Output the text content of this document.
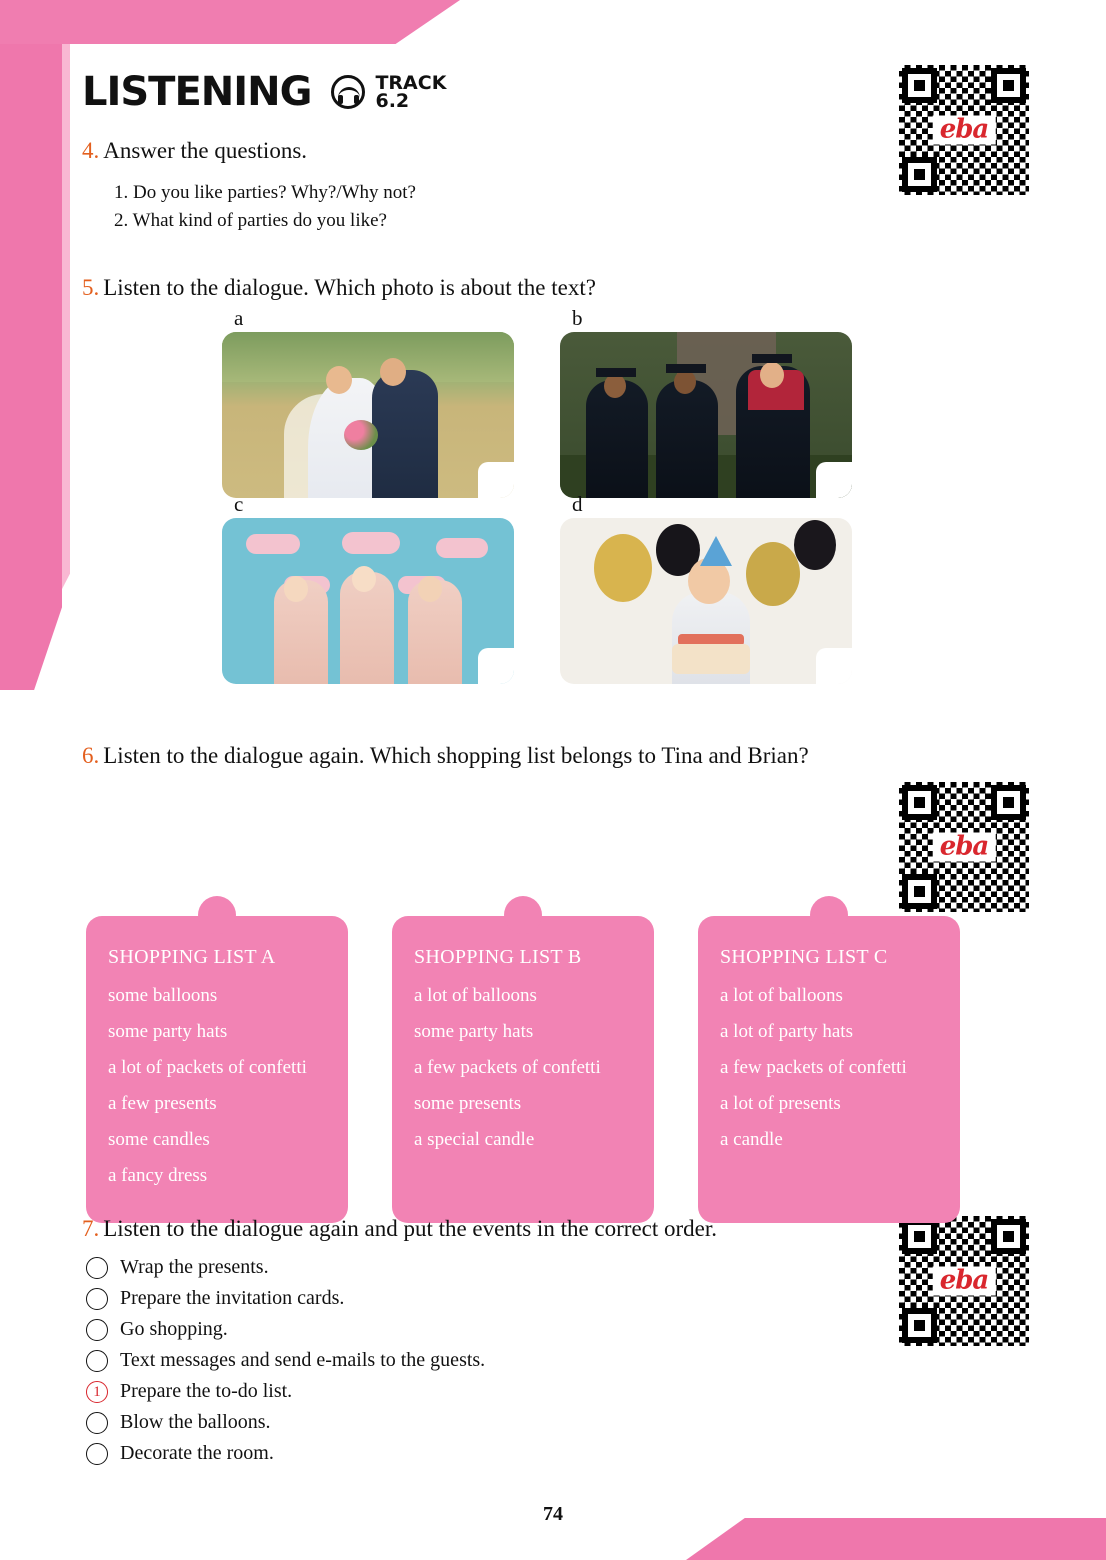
LISTENING	TRACK
6.2
eba
eba
eba
4. Answer the questions.

1. Do you like parties? Why?/Why not?

2. What kind of parties do you like?

5. Listen to the dialogue. Which photo is about the text?
a	b
c	d
6. Listen to the dialogue again. Which shopping list belongs to Tina and Brian?
SHOPPING LIST A
some balloons
some party hats
a lot of packets of confetti
a few presents
some candles
a fancy dress
SHOPPING LIST B
a lot of balloons
some party hats
a few packets of confetti
some presents
a special candle
SHOPPING LIST C
a lot of balloons
a lot of party hats
a few packets of confetti
a lot of presents
a candle
7. Listen to the dialogue again and put the events in the correct order.
Wrap the presents.
Prepare the invitation cards.
Go shopping.
Text messages and send e-mails to the guests.
1 Prepare the to-do list.
Blow the balloons.
Decorate the room.
74
